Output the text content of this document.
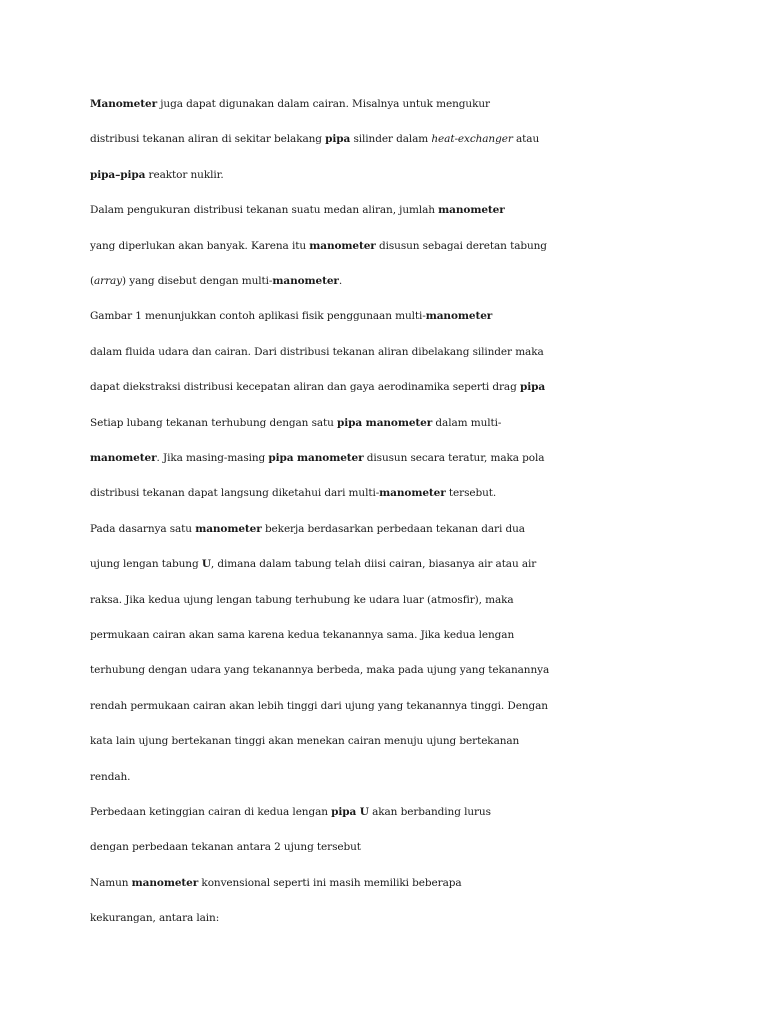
Manometer juga dapat digunakan dalam cairan. Misalnya untuk mengukur
distribusi tekanan aliran di sekitar belakang pipa silinder dalam heat-exchanger atau
pipa–pipa reaktor nuklir.
Dalam pengukuran distribusi tekanan suatu medan aliran, jumlah manometer
yang diperlukan akan banyak. Karena itu manometer disusun sebagai deretan tabung
(array) yang disebut dengan multi-manometer.
Gambar 1 menunjukkan contoh aplikasi fisik penggunaan multi-manometer
dalam fluida udara dan cairan. Dari distribusi tekanan aliran dibelakang silinder maka
dapat diekstraksi distribusi kecepatan aliran dan gaya aerodinamika seperti drag pipa
Setiap lubang tekanan terhubung dengan satu pipa manometer dalam multi-
manometer. Jika masing-masing pipa manometer disusun secara teratur, maka pola
distribusi tekanan dapat langsung diketahui dari multi-manometer tersebut.
Pada dasarnya satu manometer bekerja berdasarkan perbedaan tekanan dari dua
ujung lengan tabung U, dimana dalam tabung telah diisi cairan, biasanya air atau air
raksa. Jika kedua ujung lengan tabung terhubung ke udara luar (atmosfir), maka
permukaan cairan akan sama karena kedua tekanannya sama. Jika kedua lengan
terhubung dengan udara yang tekanannya berbeda, maka pada ujung yang tekanannya
rendah permukaan cairan akan lebih tinggi dari ujung yang tekanannya tinggi. Dengan
kata lain ujung bertekanan tinggi akan menekan cairan menuju ujung bertekanan
rendah.
Perbedaan ketinggian cairan di kedua lengan pipa U akan berbanding lurus
dengan perbedaan tekanan antara 2 ujung tersebut
Namun manometer konvensional seperti ini masih memiliki beberapa
kekurangan, antara lain:
